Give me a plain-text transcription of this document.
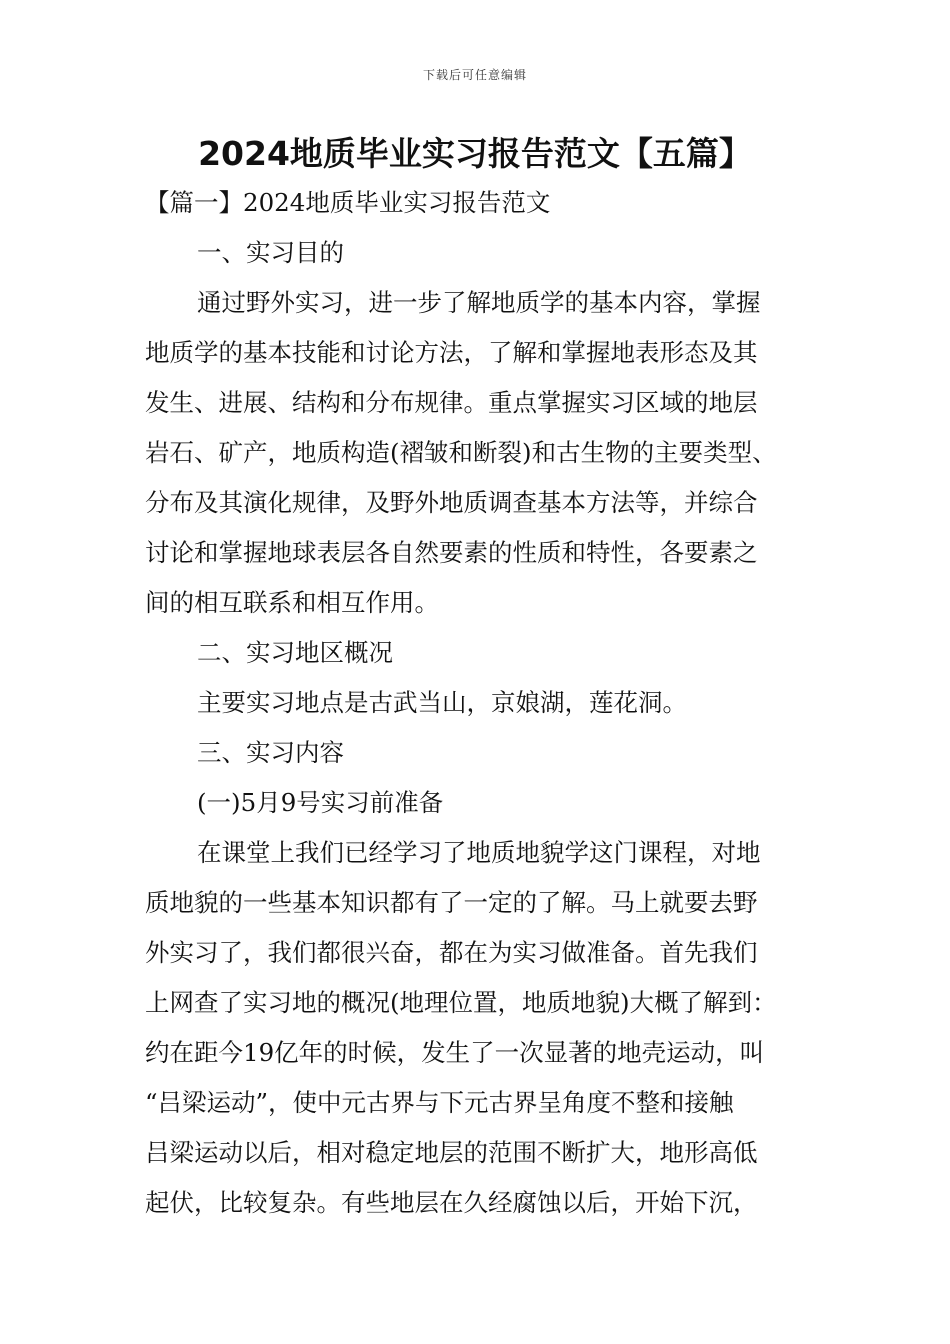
下载后可任意编辑
2024地质毕业实习报告范文【五篇】

【篇一】2024地质毕业实习报告范文

一、实习目的

通过野外实习，进一步了解地质学的基本内容，掌握

地质学的基本技能和讨论方法，了解和掌握地表形态及其

发生、进展、结构和分布规律。重点掌握实习区域的地层

岩石、矿产，地质构造(褶皱和断裂)和古生物的主要类型、

分布及其演化规律，及野外地质调查基本方法等，并综合

讨论和掌握地球表层各自然要素的性质和特性，各要素之

间的相互联系和相互作用。

二、实习地区概况

主要实习地点是古武当山，京娘湖，莲花洞。

三、实习内容

(一)5月9号实习前准备

在课堂上我们已经学习了地质地貌学这门课程，对地

质地貌的一些基本知识都有了一定的了解。马上就要去野

外实习了，我们都很兴奋，都在为实习做准备。首先我们

上网查了实习地的概况(地理位置，地质地貌)大概了解到：

约在距今19亿年的时候，发生了一次显著的地壳运动，叫

“吕梁运动”，使中元古界与下元古界呈角度不整和接触

吕梁运动以后，相对稳定地层的范围不断扩大，地形高低

起伏，比较复杂。有些地层在久经腐蚀以后，开始下沉，
